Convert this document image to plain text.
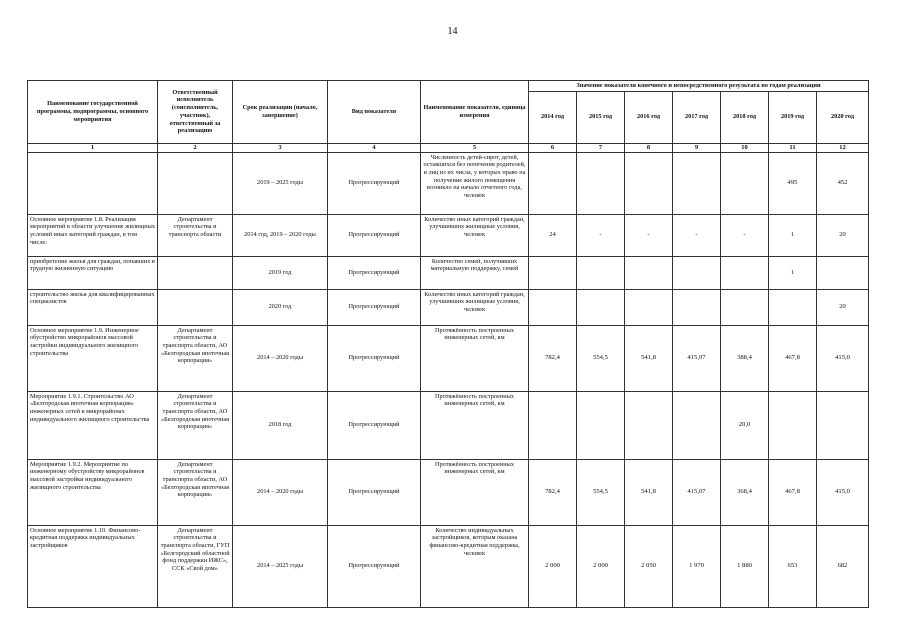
14
Наименование государственной программы, подпрограммы, основного мероприятия	Ответственный исполнитель (соисполнитель, участник), ответственный за реализацию	Срок реализации (начало, завершение)	Вид показателя	Наименование показателя, единица измерения	Значение показателя конечного и непосредственного результата по годам реализации						
					2014 год	2015 год	2016 год	2017 год	2018 год	2019 год	2020 год
1	2	3	4	5	6	7	8	9	10	11	12
		2019 – 2025 годы	Прогрессирующий	Численность детей-сирот, детей, оставшихся без попечения родителей, и лиц из их числа, у которых право на получение жилого помещения возникло на начало отчетного года, человек						495	452
Основное мероприятие 1.8. Реализация мероприятий в области улучшение жилищных условий иных категорий граждан, в том числе:	Департамент строительства и транспорта области	2014 год, 2019 – 2020 годы	Прогрессирующий	Количество иных категорий граждан, улучшивших жилищные условия, человек	24	-	-	-	-	1	20
приобретение жилья для граждан, попавших в трудную жизненную ситуацию		2019 год	Прогрессирующий	Количество семей, получивших материальную поддержку, семей						1	
строительство жилья для квалифицированных специалистов		2020 год	Прогрессирующий	Количество иных категорий граждан, улучшивших жилищные условия, человек							20
Основное мероприятие 1.9. Инженерное обустройство микрорайонов массовой застройки индивидуального жилищного строительства	Департамент строительства и транспорта области, АО «Белгородская ипотечная корпорация»	2014 – 2020 годы	Прогрессирующий	Протяжённость построенных инженерных сетей, км	782,4	554,5	541,8	415,07	388,4	467,8	415,0
Мероприятие 1.9.1. Строительство АО «Белгородская ипотечная корпорация» инженерных сетей в микрорайонах индивидуального жилищного строительства	Департамент строительства и транспорта области, АО «Белгородская ипотечная корпорация»	2018 год	Прогрессирующий	Протяжённость построенных инженерных сетей, км					20,0		
Мероприятие 1.9.2. Мероприятие по инженерному обустройству микрорайонов массовой застройки индивидуального жилищного строительства	Департамент строительства и транспорта области, АО «Белгородская ипотечная корпорация»	2014 – 2020 годы	Прогрессирующий	Протяжённость построенных инженерных сетей, км	782,4	554,5	541,8	415,07	368,4	467,8	415,0
Основное мероприятие 1.10. Финансово-кредитная поддержка индивидуальных застройщиков	Департамент строительства и транспорта области, ГУП «Белгородский областной фонд поддержки ИЖС», ССК «Свой дом»	2014 – 2025 годы	Прогрессирующий	Количество индивидуальных застройщиков, которым оказана финансово-кредитная поддержка, человек	2 000	2 000	2 050	1 970	1 880	653	682
